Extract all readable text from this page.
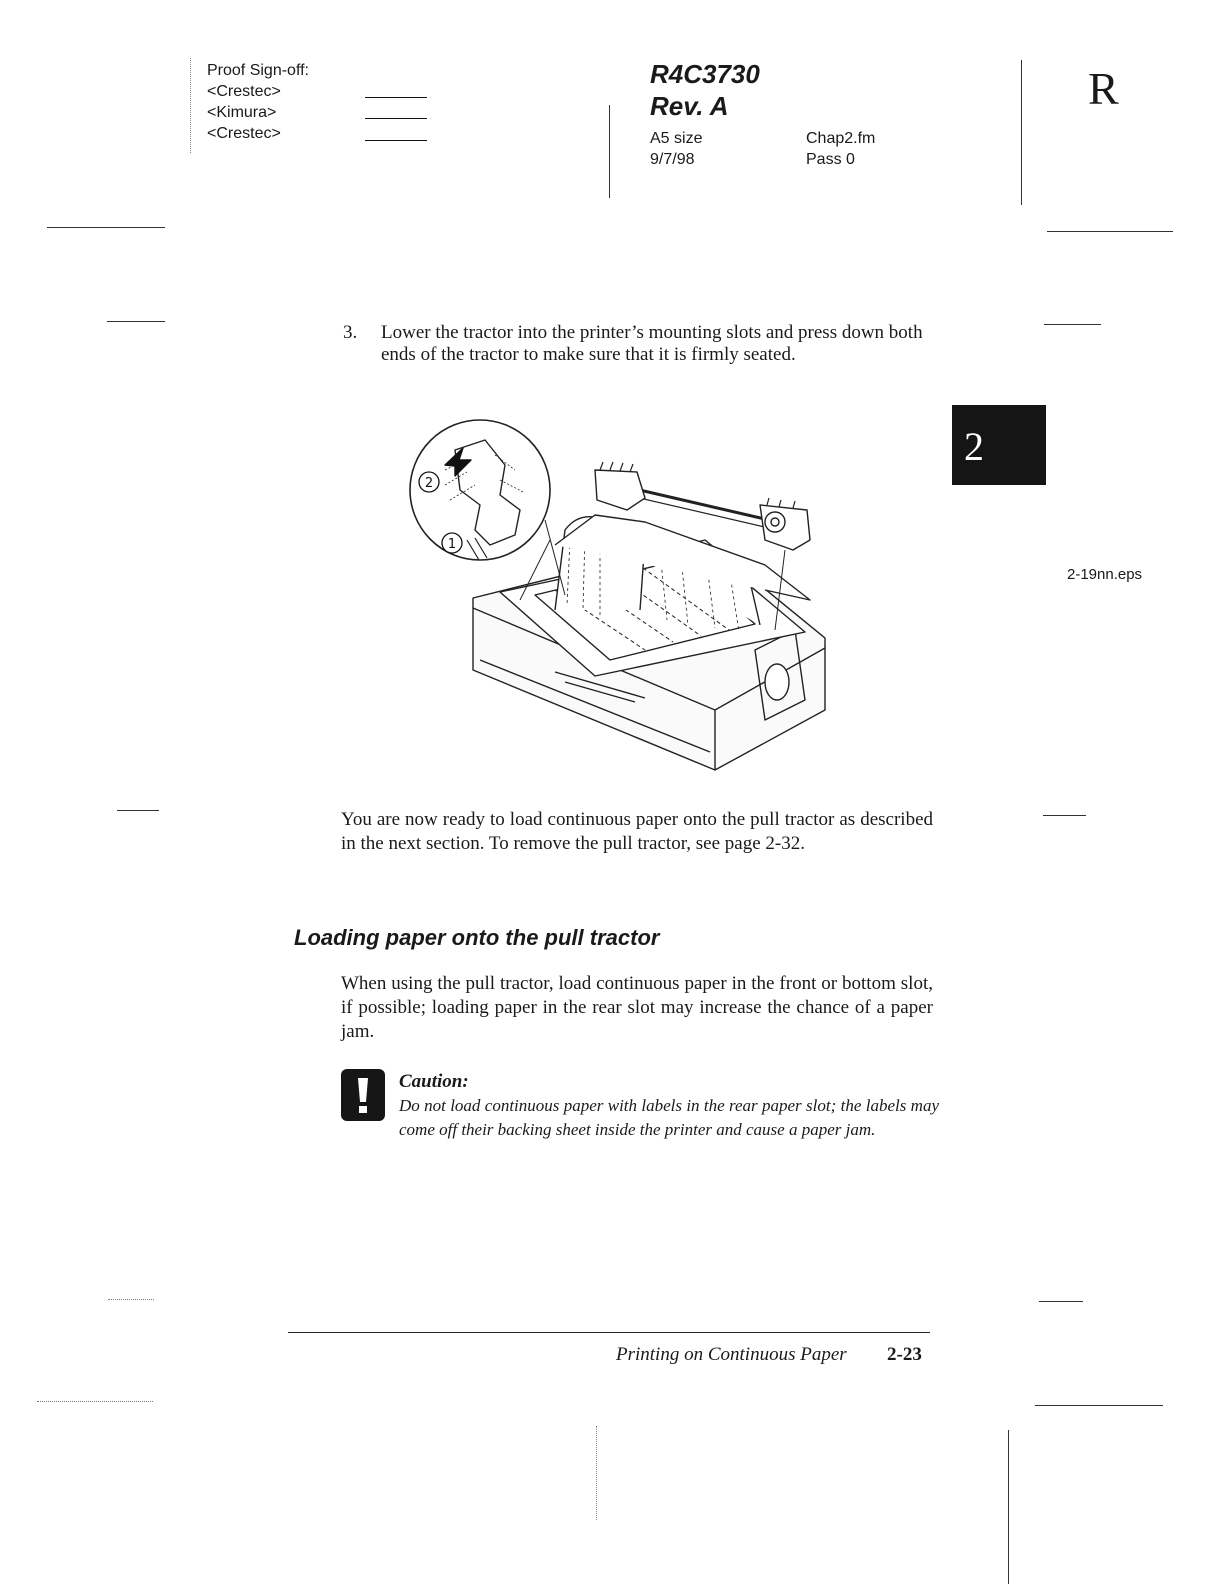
Proof Sign-off:
<Crestec>
<Kimura>
<Crestec>
R4C3730
Rev. A
A5 size
9/7/98
Chap2.fm
Pass 0
R
2
3. Lower the tractor into the printer’s mounting slots and press down both ends of the tractor to make sure that it is firmly seated.
2
1
2-19nn.eps
You are now ready to load continuous paper onto the pull tractor as described in the next section. To remove the pull tractor, see page 2-32.
Loading paper onto the pull tractor
When using the pull tractor, load continuous paper in the front or bottom slot, if possible; loading paper in the rear slot may increase the chance of a paper jam.
Caution:
Do not load continuous paper with labels in the rear paper slot; the labels may come off their backing sheet inside the printer and cause a paper jam.
Printing on Continuous Paper 2-23
